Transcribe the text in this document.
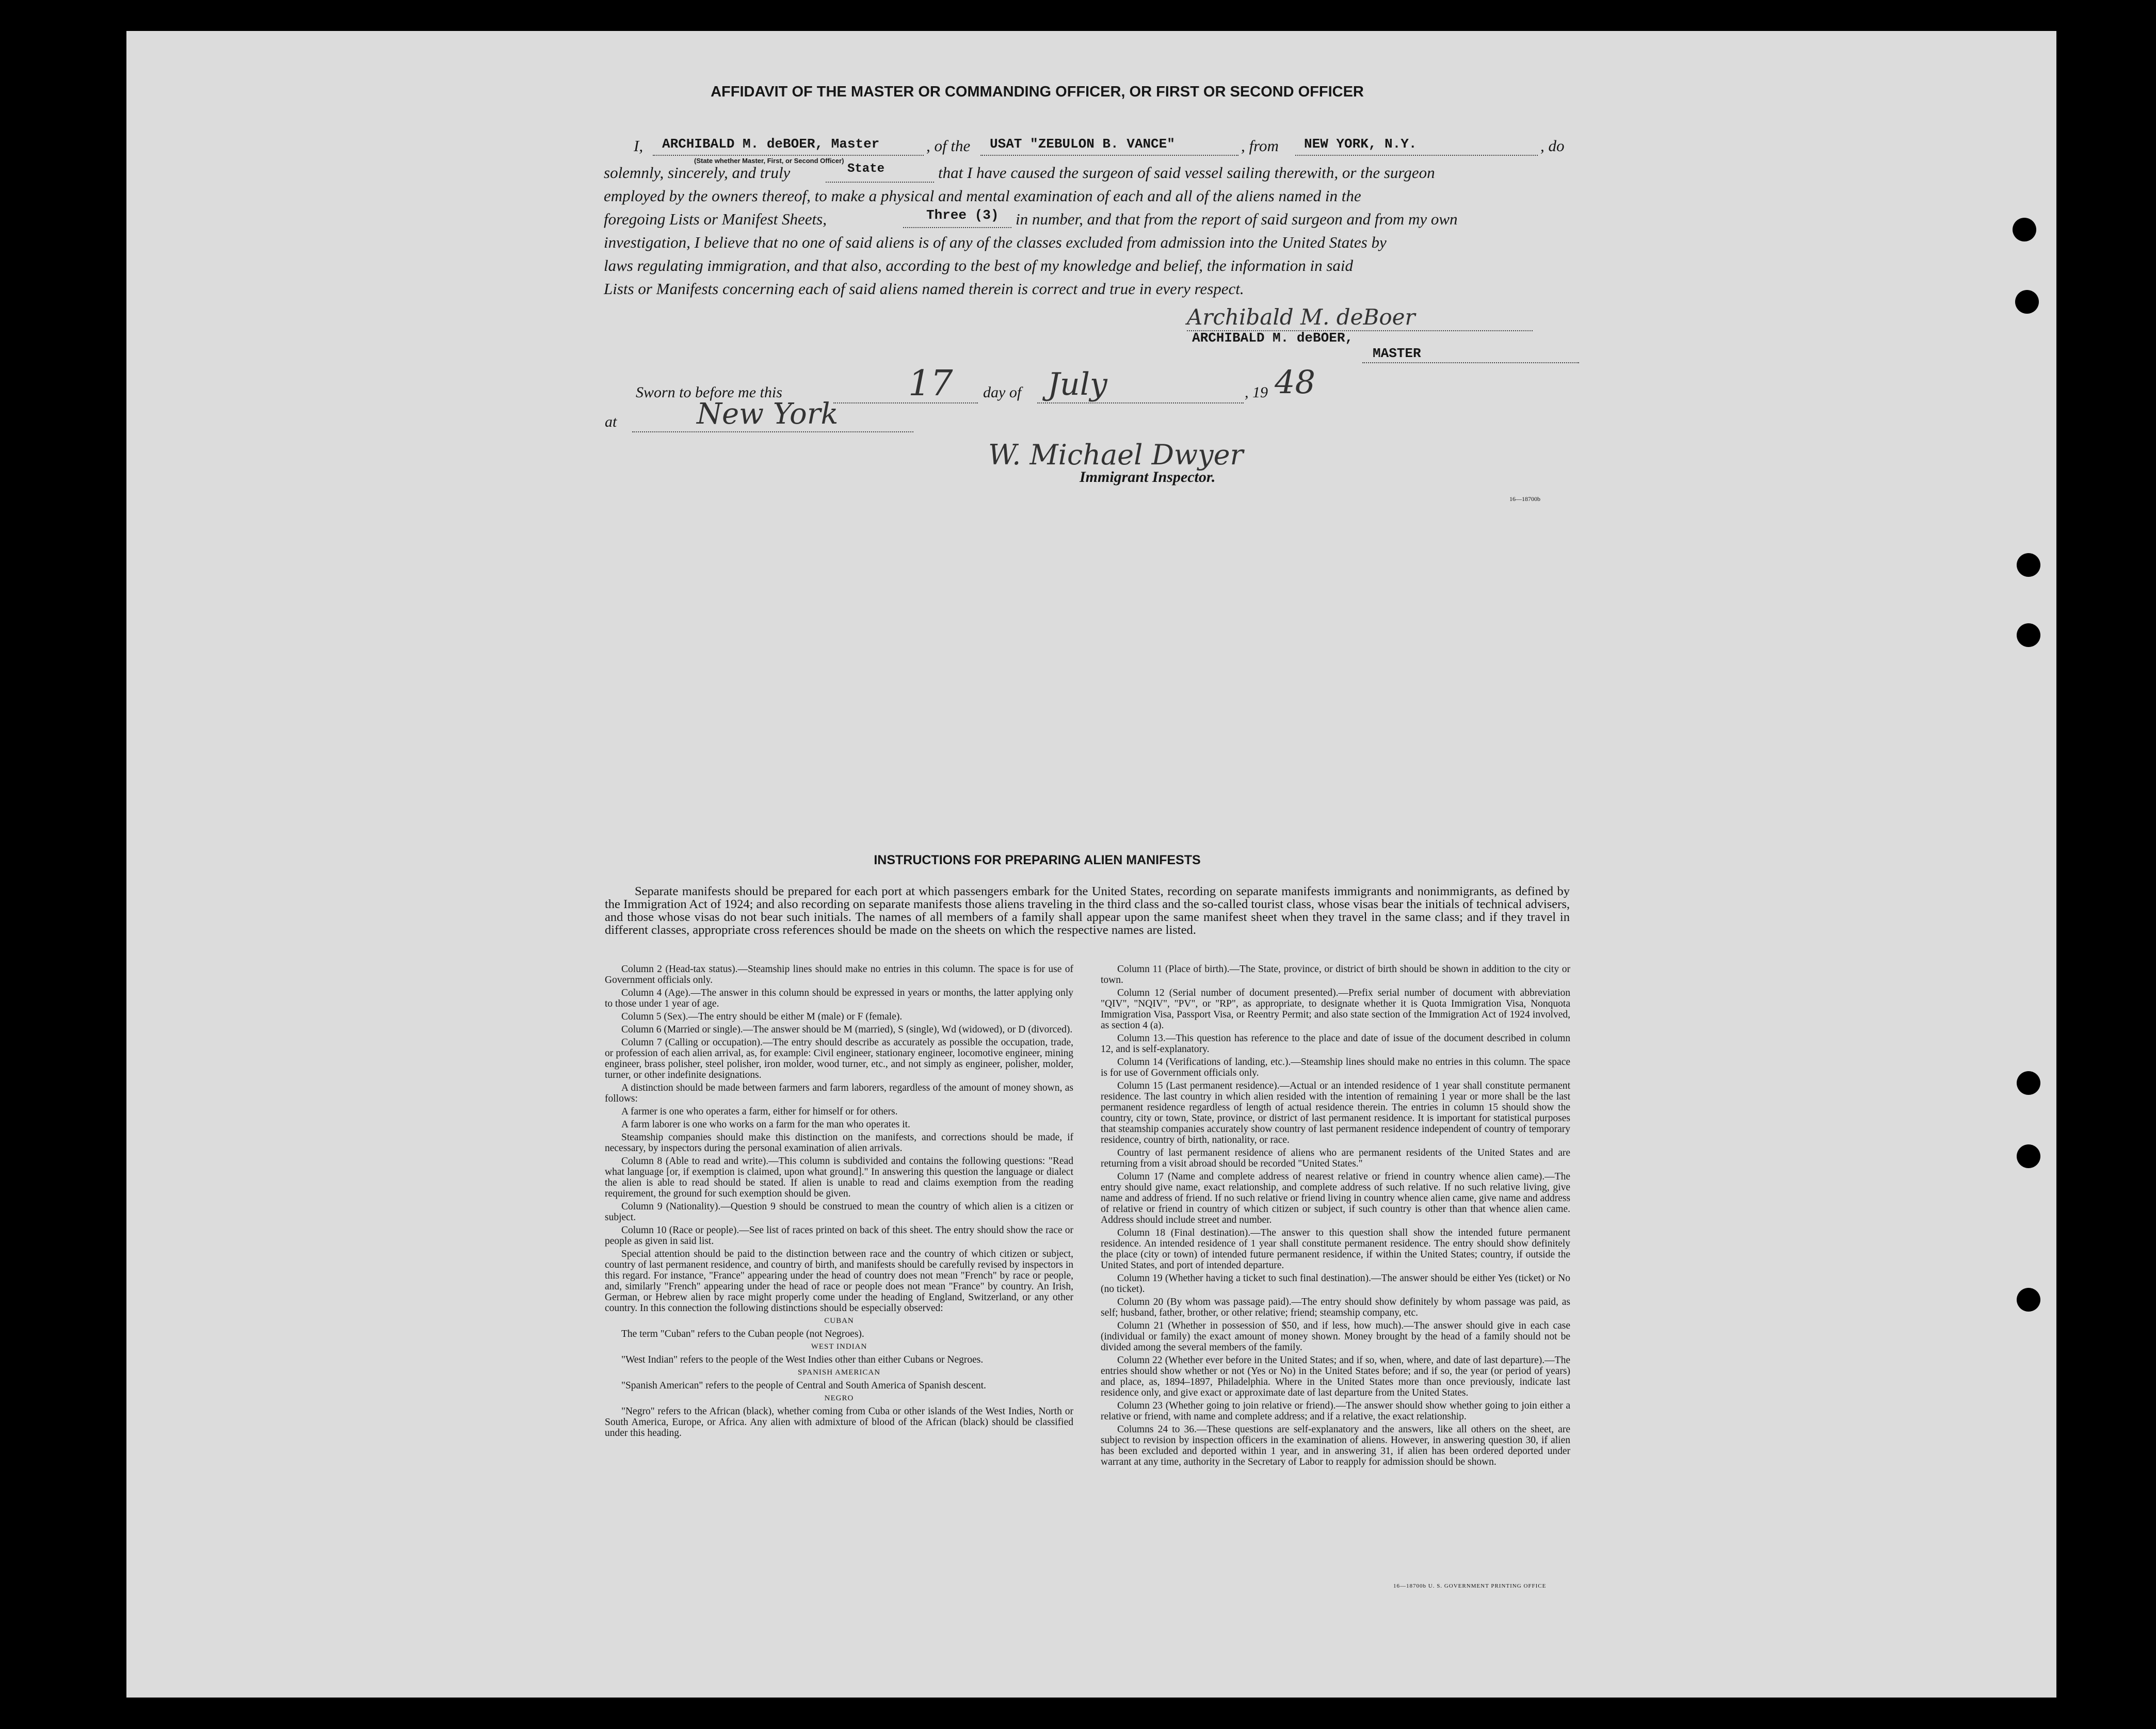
AFFIDAVIT OF THE MASTER OR COMMANDING OFFICER, OR FIRST OR SECOND OFFICER
I, ARCHIBALD M. deBOER, Master	, of the USAT "ZEBULON B. VANCE"	, from NEW YORK, N.Y.	, do
(State whether Master, First, or Second Officer)
solemnly, sincerely, and truly	State	that I have caused the surgeon of said vessel sailing therewith, or the surgeon
employed by the owners thereof, to make a physical and mental examination of each and all of the aliens named in the
foregoing Lists or Manifest Sheets,	Three (3) in number, and that from the report of said surgeon and from my own
investigation, I believe that no one of said aliens is of any of the classes excluded from admission into the United States by
laws regulating immigration, and that also, according to the best of my knowledge and belief, the information in said
Lists or Manifests concerning each of said aliens named therein is correct and true in every respect.
Archibald M. deBoer
ARCHIBALD M. deBOER,
MASTER
Sworn to before me this	17 day of July	, 19 48
at	New York
W. Michael Dwyer
Immigrant Inspector.
16—18700b
INSTRUCTIONS FOR PREPARING ALIEN MANIFESTS
Separate manifests should be prepared for each port at which passengers embark for the United States, recording on separate manifests immigrants and nonimmigrants, as defined by the Immigration Act of 1924; and also recording on separate manifests those aliens traveling in the third class and the so-called tourist class, whose visas bear the initials of technical advisers, and those whose visas do not bear such initials. The names of all members of a family shall appear upon the same manifest sheet when they travel in the same class; and if they travel in different classes, appropriate cross references should be made on the sheets on which the respective names are listed.

Column 2 (Head-tax status).—Steamship lines should make no entries in this column. The space is for use of Government officials only.

Column 4 (Age).—The answer in this column should be expressed in years or months, the latter applying only to those under 1 year of age.

Column 5 (Sex).—The entry should be either M (male) or F (female).

Column 6 (Married or single).—The answer should be M (married), S (single), Wd (widowed), or D (divorced).

Column 7 (Calling or occupation).—The entry should describe as accurately as possible the occupation, trade, or profession of each alien arrival, as, for example: Civil engineer, stationary engineer, locomotive engineer, mining engineer, brass polisher, steel polisher, iron molder, wood turner, etc., and not simply as engineer, polisher, molder, turner, or other indefinite designations.

A distinction should be made between farmers and farm laborers, regardless of the amount of money shown, as follows:

A farmer is one who operates a farm, either for himself or for others.

A farm laborer is one who works on a farm for the man who operates it.

Steamship companies should make this distinction on the manifests, and corrections should be made, if necessary, by inspectors during the personal examination of alien arrivals.

Column 8 (Able to read and write).—This column is subdivided and contains the following questions: "Read what language [or, if exemption is claimed, upon what ground]." In answering this question the language or dialect the alien is able to read should be stated. If alien is unable to read and claims exemption from the reading requirement, the ground for such exemption should be given.

Column 9 (Nationality).—Question 9 should be construed to mean the country of which alien is a citizen or subject.

Column 10 (Race or people).—See list of races printed on back of this sheet. The entry should show the race or people as given in said list.

Special attention should be paid to the distinction between race and the country of which citizen or subject, country of last permanent residence, and country of birth, and manifests should be carefully revised by inspectors in this regard. For instance, "France" appearing under the head of country does not mean "French" by race or people, and, similarly "French" appearing under the head of race or people does not mean "France" by country. An Irish, German, or Hebrew alien by race might properly come under the heading of England, Switzerland, or any other country. In this connection the following distinctions should be especially observed:

CUBAN

The term "Cuban" refers to the Cuban people (not Negroes).

WEST INDIAN

"West Indian" refers to the people of the West Indies other than either Cubans or Negroes.

SPANISH AMERICAN

"Spanish American" refers to the people of Central and South America of Spanish descent.

NEGRO

"Negro" refers to the African (black), whether coming from Cuba or other islands of the West Indies, North or South America, Europe, or Africa. Any alien with admixture of blood of the African (black) should be classified under this heading.

Column 11 (Place of birth).—The State, province, or district of birth should be shown in addition to the city or town.

Column 12 (Serial number of document presented).—Prefix serial number of document with abbreviation "QIV", "NQIV", "PV", or "RP", as appropriate, to designate whether it is Quota Immigration Visa, Nonquota Immigration Visa, Passport Visa, or Reentry Permit; and also state section of the Immigration Act of 1924 involved, as section 4 (a).

Column 13.—This question has reference to the place and date of issue of the document described in column 12, and is self-explanatory.

Column 14 (Verifications of landing, etc.).—Steamship lines should make no entries in this column. The space is for use of Government officials only.

Column 15 (Last permanent residence).—Actual or an intended residence of 1 year shall constitute permanent residence. The last country in which alien resided with the intention of remaining 1 year or more shall be the last permanent residence regardless of length of actual residence therein. The entries in column 15 should show the country, city or town, State, province, or district of last permanent residence. It is important for statistical purposes that steamship companies accurately show country of last permanent residence independent of country of temporary residence, country of birth, nationality, or race.

Country of last permanent residence of aliens who are permanent residents of the United States and are returning from a visit abroad should be recorded "United States."

Column 17 (Name and complete address of nearest relative or friend in country whence alien came).—The entry should give name, exact relationship, and complete address of such relative. If no such relative living, give name and address of friend. If no such relative or friend living in country whence alien came, give name and address of relative or friend in country of which citizen or subject, if such country is other than that whence alien came. Address should include street and number.

Column 18 (Final destination).—The answer to this question shall show the intended future permanent residence. An intended residence of 1 year shall constitute permanent residence. The entry should show definitely the place (city or town) of intended future permanent residence, if within the United States; country, if outside the United States, and port of intended departure.

Column 19 (Whether having a ticket to such final destination).—The answer should be either Yes (ticket) or No (no ticket).

Column 20 (By whom was passage paid).—The entry should show definitely by whom passage was paid, as self; husband, father, brother, or other relative; friend; steamship company, etc.

Column 21 (Whether in possession of $50, and if less, how much).—The answer should give in each case (individual or family) the exact amount of money shown. Money brought by the head of a family should not be divided among the several members of the family.

Column 22 (Whether ever before in the United States; and if so, when, where, and date of last departure).—The entries should show whether or not (Yes or No) in the United States before; and if so, the year (or period of years) and place, as, 1894–1897, Philadelphia. Where in the United States more than once previously, indicate last residence only, and give exact or approximate date of last departure from the United States.

Column 23 (Whether going to join relative or friend).—The answer should show whether going to join either a relative or friend, with name and complete address; and if a relative, the exact relationship.

Columns 24 to 36.—These questions are self-explanatory and the answers, like all others on the sheet, are subject to revision by inspection officers in the examination of aliens. However, in answering question 30, if alien has been excluded and deported within 1 year, and in answering 31, if alien has been ordered deported under warrant at any time, authority in the Secretary of Labor to reapply for admission should be shown.

16—18700b U. S. GOVERNMENT PRINTING OFFICE
